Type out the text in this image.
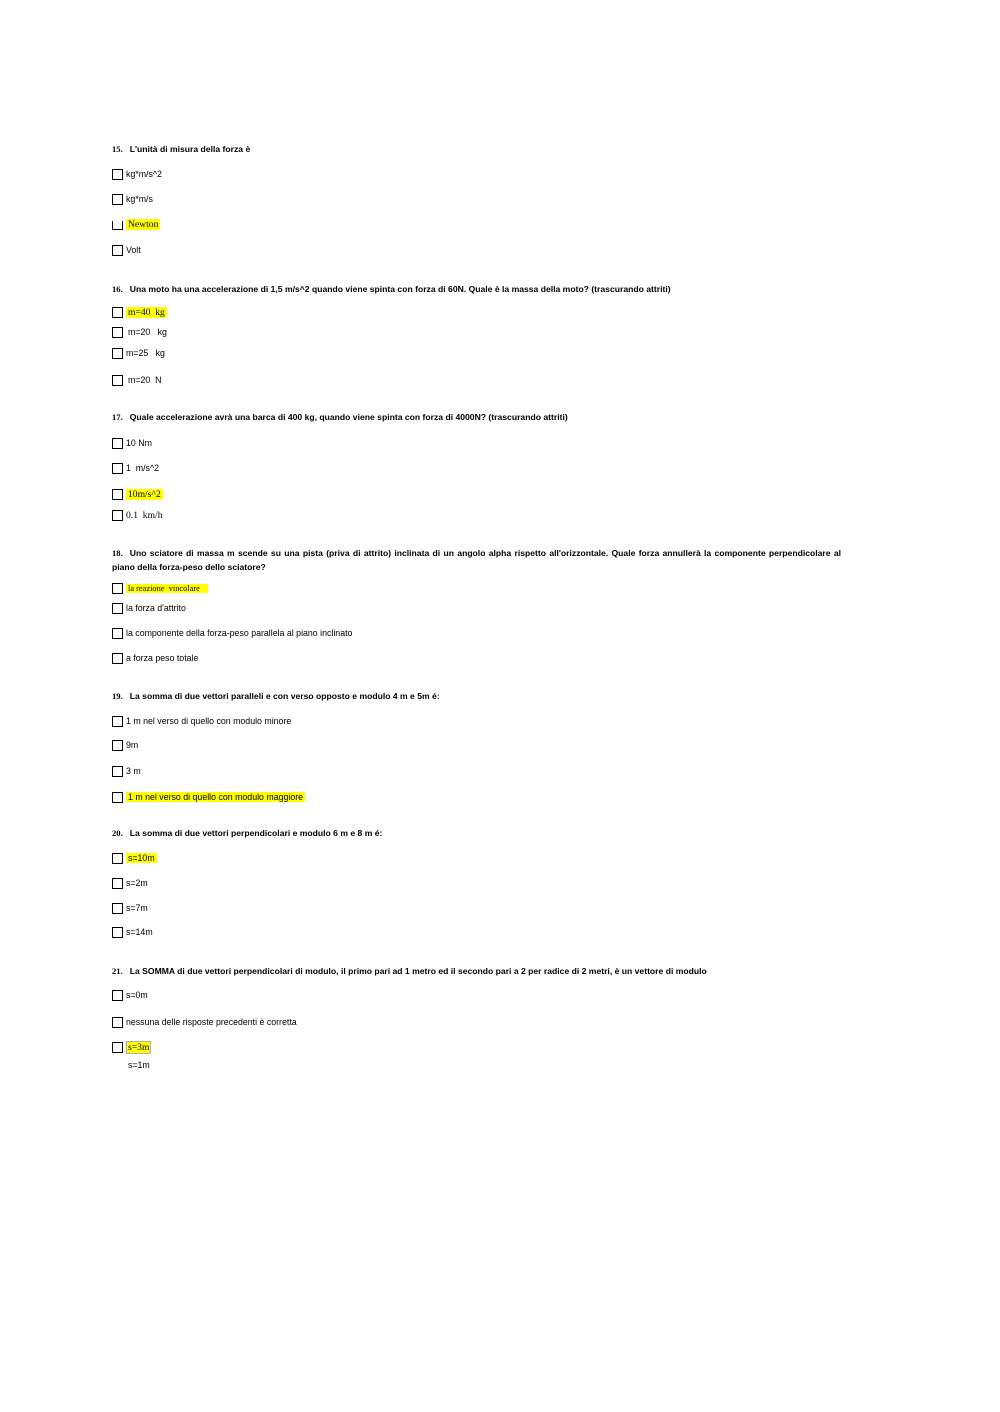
15. L'unità di misura della forza è
kg*m/s^2
kg*m/s
Newton
Volt
16. Una moto ha una accelerazione di 1,5 m/s^2 quando viene spinta con forza di 60N. Quale è la massa della moto? (trascurando attriti)
m=40  kg
m=20   kg
m=25   kg
m=20  N
17. Quale accelerazione avrà una barca di 400 kg, quando viene spinta con forza di 4000N? (trascurando attriti)
10 Nm
1  m/s^2
10m/s^2
0.1  km/h
18. Uno sciatore di massa m scende su una pista (priva di attrito) inclinata di un angolo alpha rispetto all'orizzontale. Quale forza annullerà la componente perpendicolare al piano della forza-peso dello sciatore?
la reazione  vincolare
la forza d'attrito
la componente della forza-peso parallela al piano inclinato
a forza peso totale
19. La somma di due vettori paralleli e con verso opposto e modulo 4 m e 5m é:
1 m nel verso di quello con modulo minore
9m
3 m
1 m nel verso di quello con modulo maggiore
20. La somma di due vettori perpendicolari e modulo 6 m e 8 m é:
s=10m
s=2m
s=7m
s=14m
21. La SOMMA di due vettori perpendicolari di modulo, il primo pari ad 1 metro ed il secondo pari a 2 per radice di 2 metri, è un vettore di modulo
s=0m
nessuna delle risposte precedenti è corretta
s=3m
s=1m
